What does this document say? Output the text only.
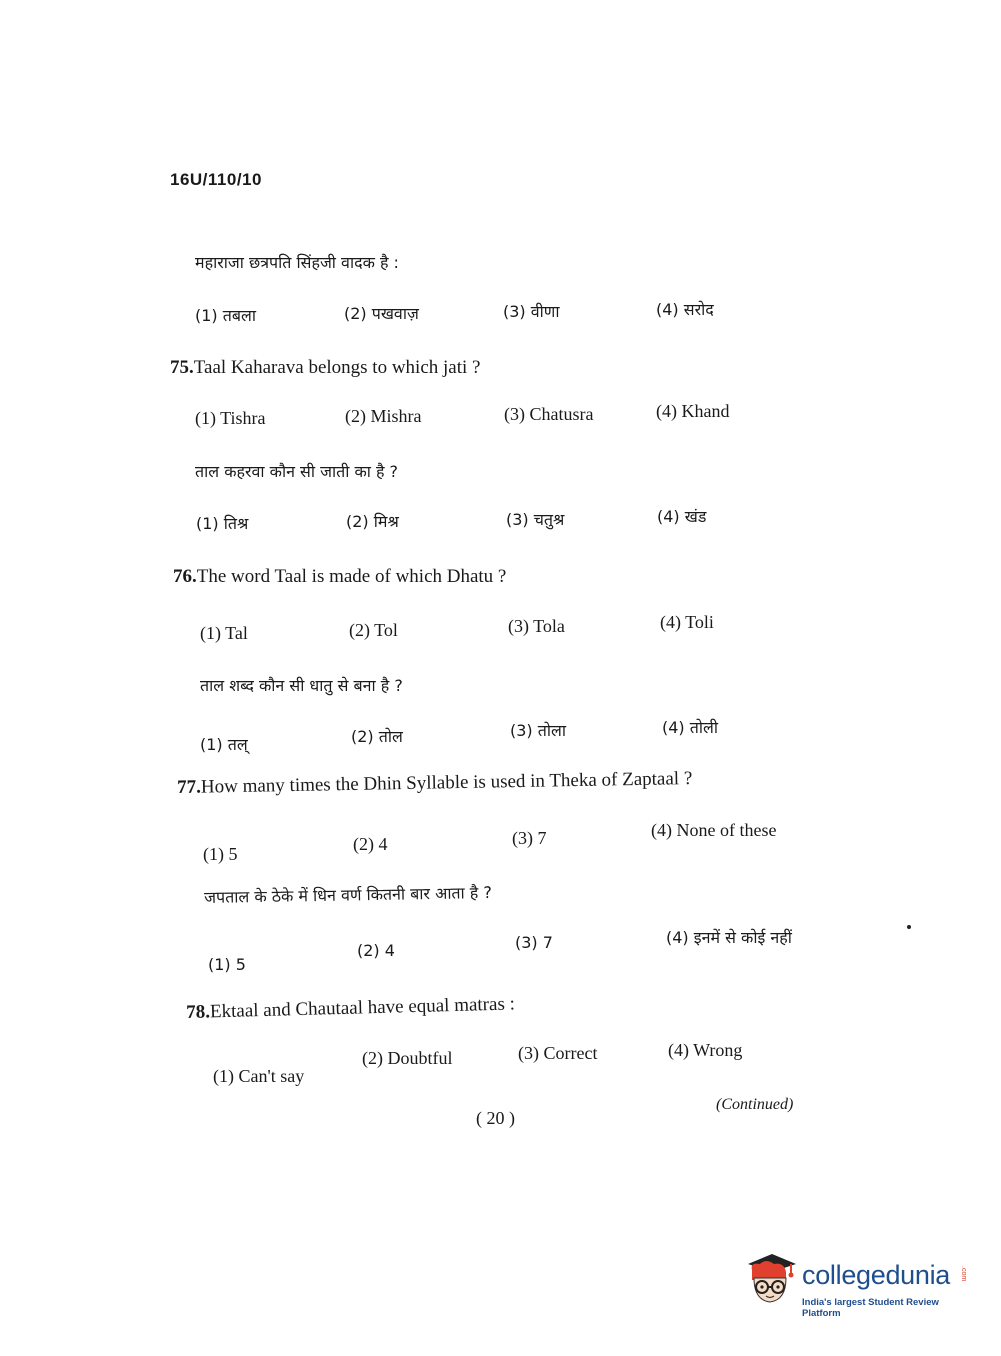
16U/110/10
महाराजा छत्रपति सिंहजी वादक है :
(1) तबला	(2) पखवाज़	(3) वीणा	(4) सरोद
75.Taal Kaharava belongs to which jati ?
(1) Tishra	(2) Mishra	(3) Chatusra	(4) Khand
ताल कहरवा कौन सी जाती का है ?
(1) तिश्र	(2) मिश्र	(3) चतुश्र	(4) खंड
76.The word Taal is made of which Dhatu ?
(1) Tal	(2) Tol	(3) Tola	(4) Toli
ताल शब्द कौन सी धातु से बना है ?
(1) तल्	(2) तोल	(3) तोला	(4) तोली
77.How many times the Dhin Syllable is used in Theka of Zaptaal ?
(1) 5	(2) 4	(3) 7	(4) None of these
जपताल के ठेके में धिन वर्ण कितनी बार आता है ?
(1) 5
(2) 4	(3) 7	(4) इनमें से कोई नहीं
78.Ektaal and Chautaal have equal matras :
(1) Can't say
(2) Doubtful	(3) Correct	(4) Wrong
(Continued)
( 20 )
collegedunia .com
India's largest Student Review Platform
